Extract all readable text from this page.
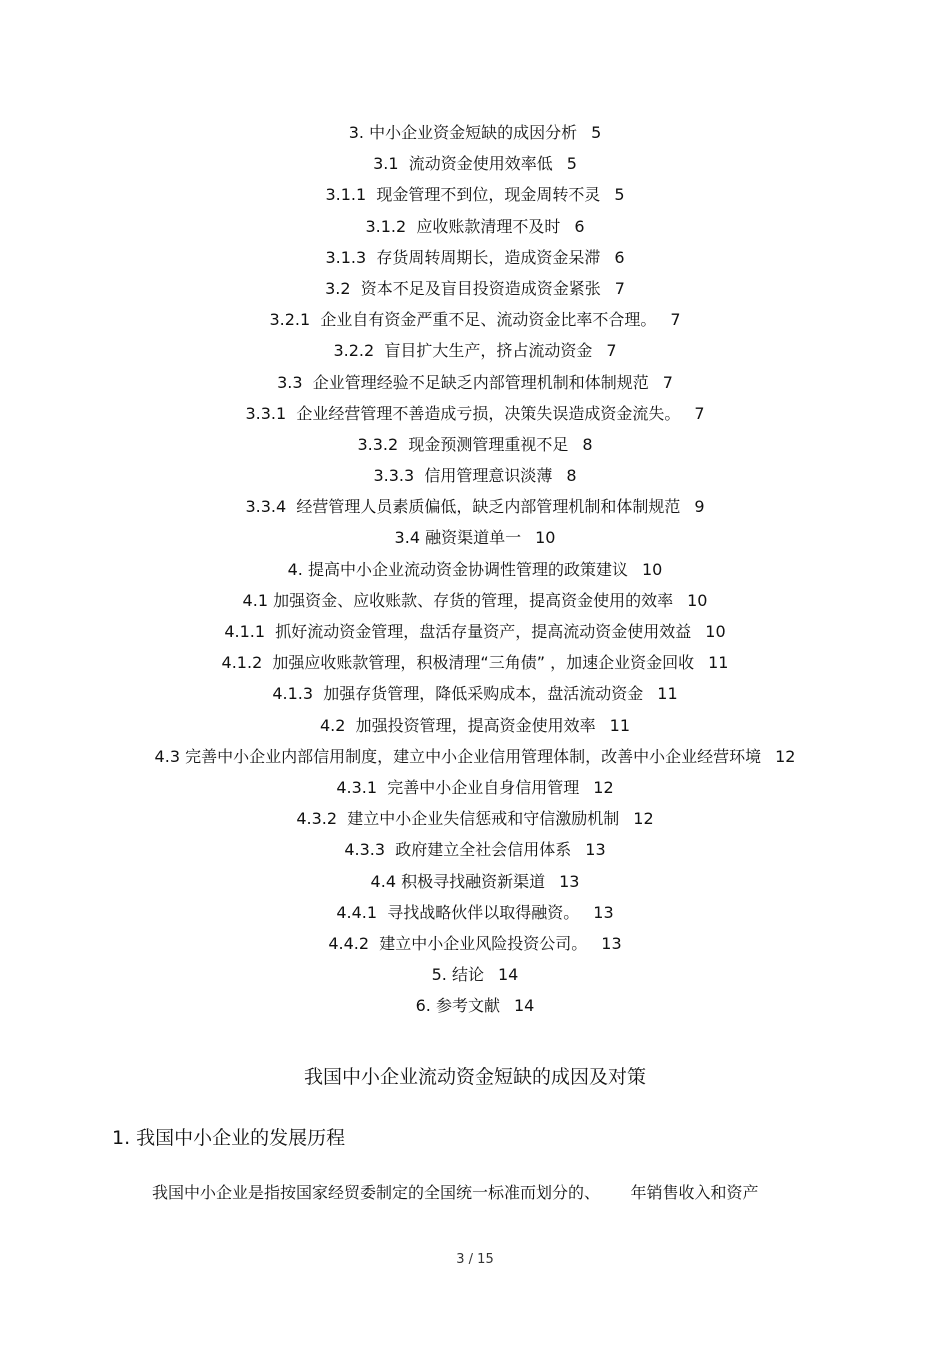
3. 中小企业资金短缺的成因分析 5
3.1  流动资金使用效率低 5
3.1.1  现金管理不到位，现金周转不灵 5
3.1.2  应收账款清理不及时 6
3.1.3  存货周转周期长，造成资金呆滞 6
3.2  资本不足及盲目投资造成资金紧张 7
3.2.1  企业自有资金严重不足、流动资金比率不合理。 7
3.2.2  盲目扩大生产，挤占流动资金 7
3.3  企业管理经验不足缺乏内部管理机制和体制规范 7
3.3.1  企业经营管理不善造成亏损，决策失误造成资金流失。 7
3.3.2  现金预测管理重视不足 8
3.3.3  信用管理意识淡薄 8
3.3.4  经营管理人员素质偏低，缺乏内部管理机制和体制规范 9
3.4 融资渠道单一 10
4. 提高中小企业流动资金协调性管理的政策建议 10
4.1 加强资金、应收账款、存货的管理，提高资金使用的效率 10
4.1.1  抓好流动资金管理，盘活存量资产，提高流动资金使用效益 10
4.1.2  加强应收账款管理，积极清理“三角债” ，加速企业资金回收 11
4.1.3  加强存货管理，降低采购成本，盘活流动资金 11
4.2  加强投资管理，提高资金使用效率 11
4.3 完善中小企业内部信用制度，建立中小企业信用管理体制，改善中小企业经营环境 12
4.3.1  完善中小企业自身信用管理 12
4.3.2  建立中小企业失信惩戒和守信激励机制 12
4.3.3  政府建立全社会信用体系 13
4.4 积极寻找融资新渠道 13
4.4.1  寻找战略伙伴以取得融资。 13
4.4.2  建立中小企业风险投资公司。 13
5. 结论 14
6. 参考文献 14
我国中小企业流动资金短缺的成因及对策
1. 我国中小企业的发展历程
我国中小企业是指按国家经贸委制定的全国统一标准而划分的、      年销售收入和资产
3 / 15
